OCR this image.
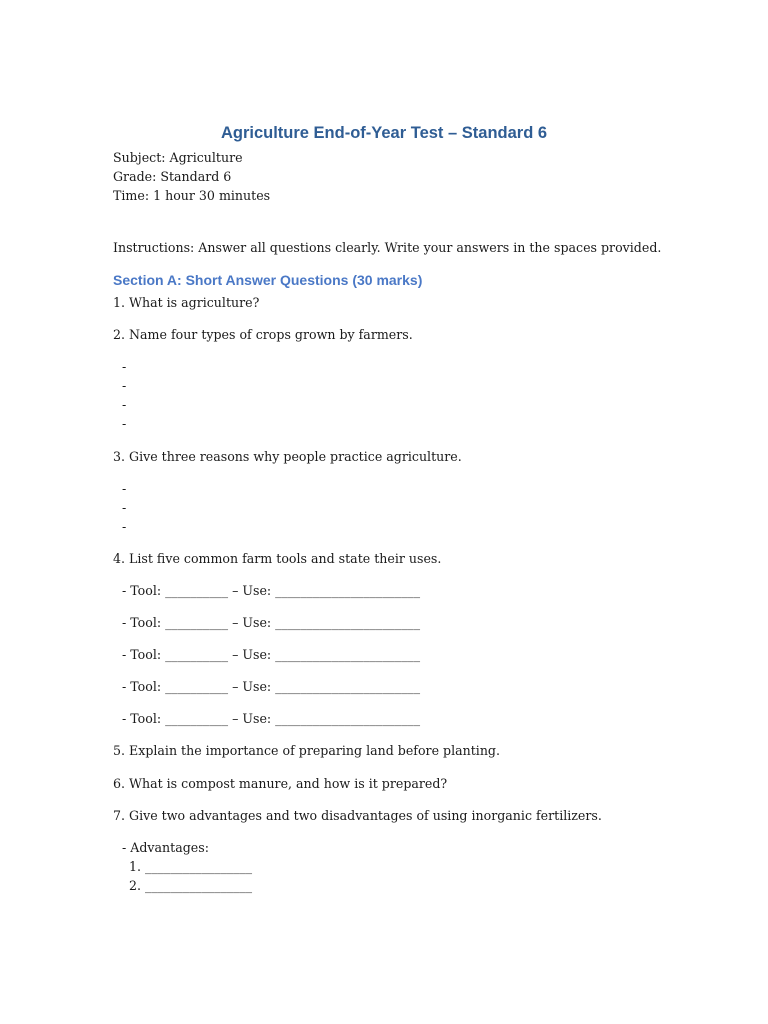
Agriculture End-of-Year Test – Standard 6
Subject: Agriculture
Grade: Standard 6
Time: 1 hour 30 minutes
Instructions: Answer all questions clearly. Write your answers in the spaces provided.
Section A: Short Answer Questions (30 marks)
1. What is agriculture?
2. Name four types of crops grown by farmers.
-
-
-
-
3. Give three reasons why people practice agriculture.
-
-
-
4. List five common farm tools and state their uses.
- Tool: __________ – Use: _______________________
- Tool: __________ – Use: _______________________
- Tool: __________ – Use: _______________________
- Tool: __________ – Use: _______________________
- Tool: __________ – Use: _______________________
5. Explain the importance of preparing land before planting.
6. What is compost manure, and how is it prepared?
7. Give two advantages and two disadvantages of using inorganic fertilizers.
- Advantages:
1. _________________
2. _________________
